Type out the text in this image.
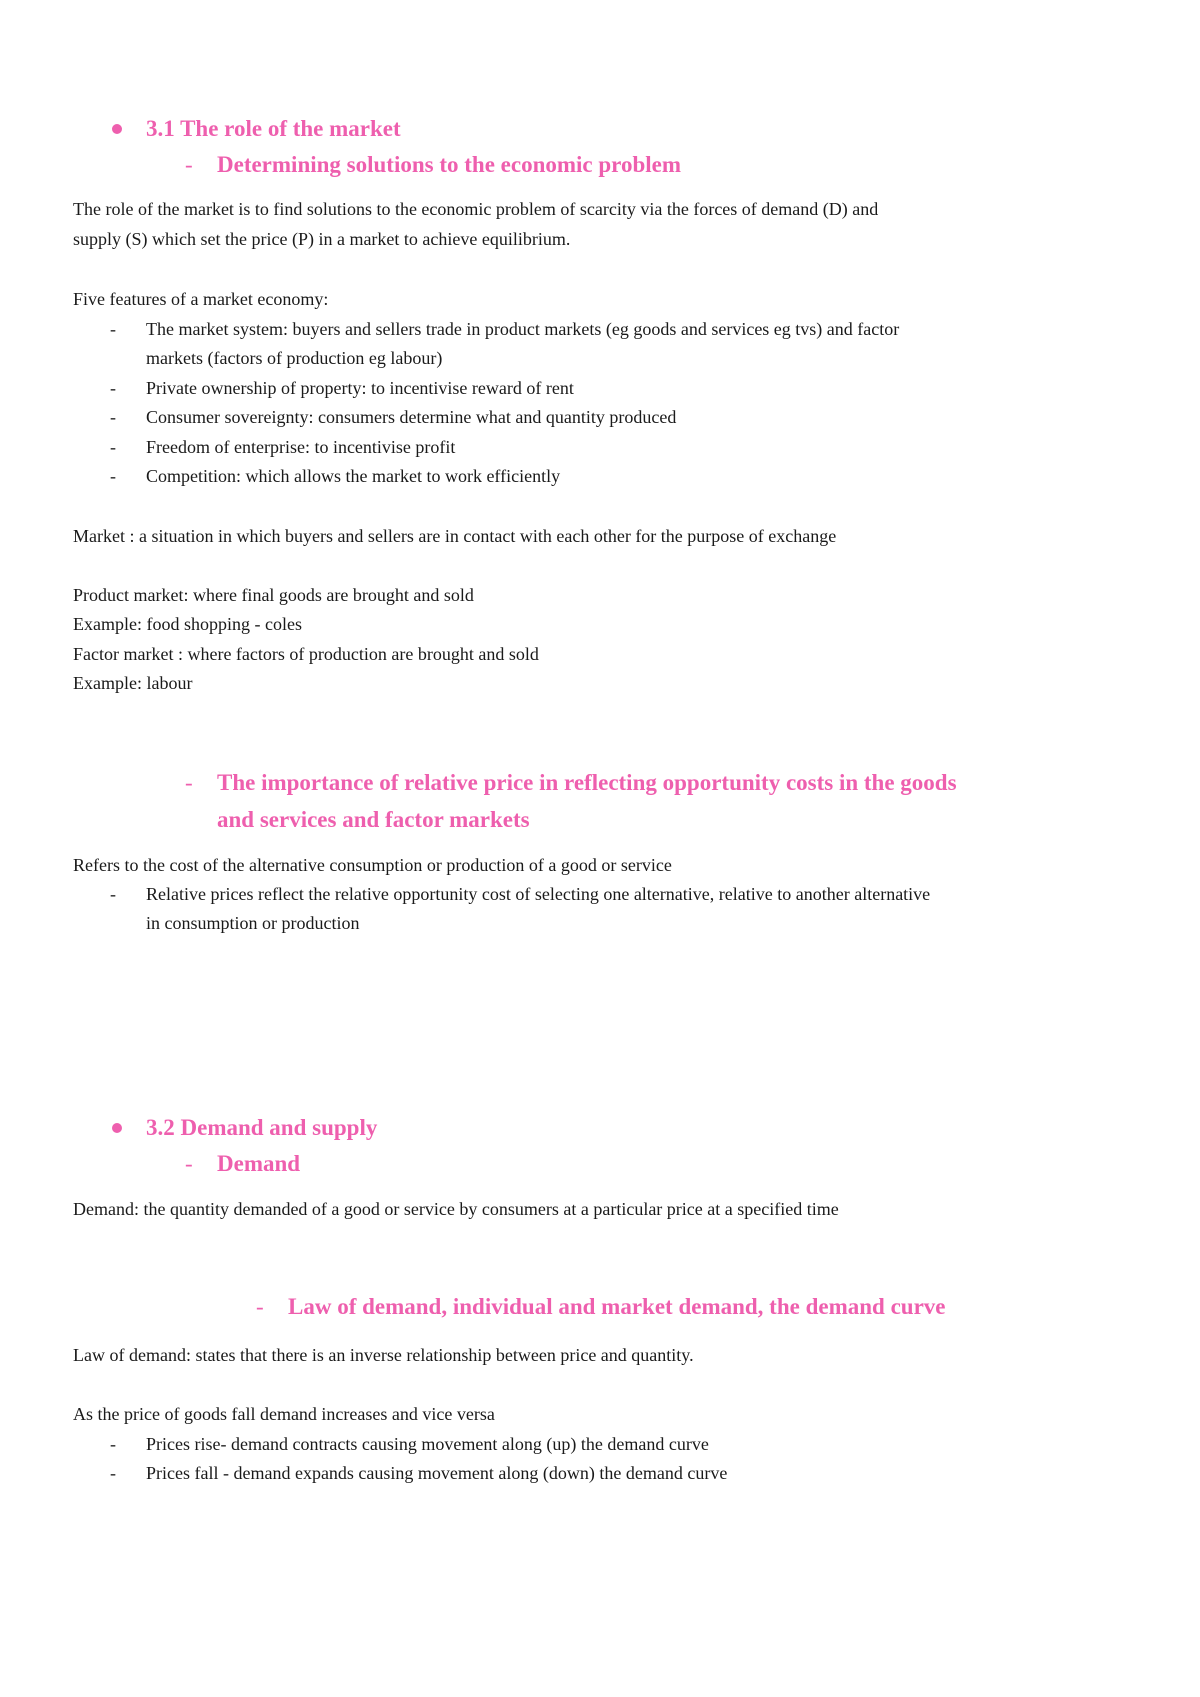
3.1 The role of the market
- Determining solutions to the economic problem
The role of the market is to find solutions to the economic problem of scarcity via the forces of demand (D) and
supply (S) which set the price (P) in a market to achieve equilibrium.
Five features of a market economy:
- The market system: buyers and sellers trade in product markets (eg goods and services eg tvs) and factor
markets (factors of production eg labour)
- Private ownership of property: to incentivise reward of rent
- Consumer sovereignty: consumers determine what and quantity produced
- Freedom of enterprise: to incentivise profit
- Competition: which allows the market to work efficiently
Market : a situation in which buyers and sellers are in contact with each other for the purpose of exchange
Product market: where final goods are brought and sold
Example: food shopping - coles
Factor market : where factors of production are brought and sold
Example: labour
- The importance of relative price in reflecting opportunity costs in the goods
and services and factor markets
Refers to the cost of the alternative consumption or production of a good or service
- Relative prices reflect the relative opportunity cost of selecting one alternative, relative to another alternative
in consumption or production
3.2 Demand and supply
- Demand
Demand: the quantity demanded of a good or service by consumers at a particular price at a specified time
- Law of demand, individual and market demand, the demand curve
Law of demand: states that there is an inverse relationship between price and quantity.
As the price of goods fall demand increases and vice versa
- Prices rise- demand contracts causing movement along (up) the demand curve
- Prices fall - demand expands causing movement along (down) the demand curve
